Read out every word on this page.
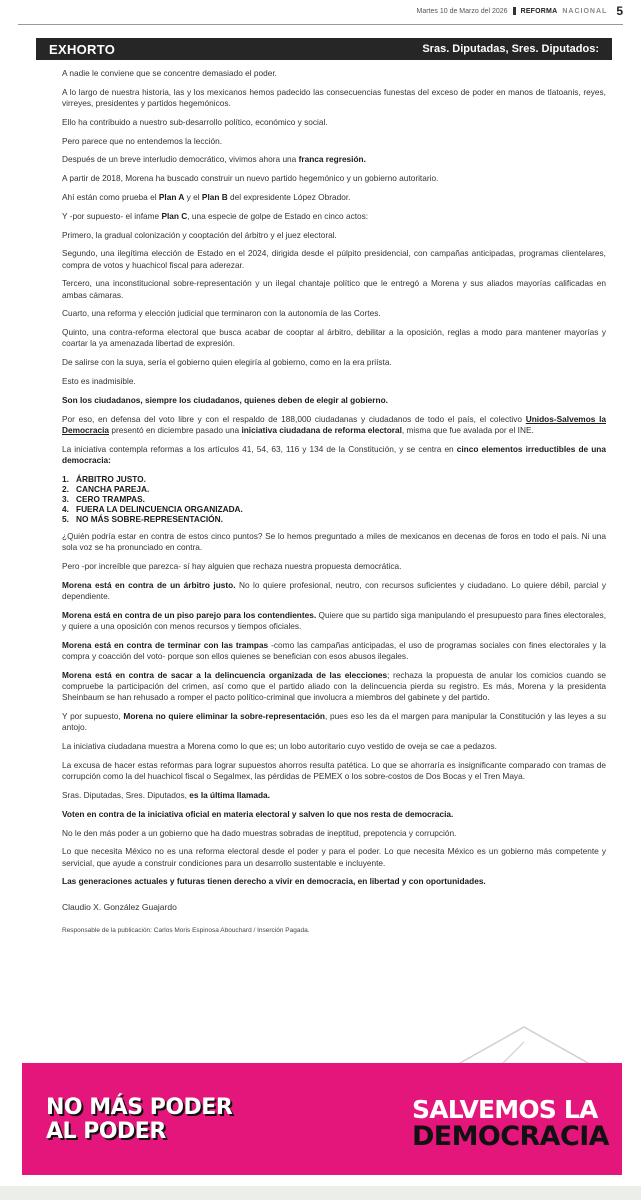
Martes 10 de Marzo del 2026 REFORMA NACIONAL 5
EXHORTO	Sras. Diputadas, Sres. Diputados:

A nadie le conviene que se concentre demasiado el poder.

A lo largo de nuestra historia, las y los mexicanos hemos padecido las consecuencias funestas del exceso de poder en manos de tlatoanis, reyes, virreyes, presidentes y partidos hegemónicos.

Ello ha contribuido a nuestro sub-desarrollo político, económico y social.

Pero parece que no entendemos la lección.

Después de un breve interludio democrático, vivimos ahora una franca regresión.

A partir de 2018, Morena ha buscado construir un nuevo partido hegemónico y un gobierno autoritario.

Ahí están como prueba el Plan A y el Plan B del expresidente López Obrador.

Y -por supuesto- el infame Plan C, una especie de golpe de Estado en cinco actos:

Primero, la gradual colonización y cooptación del árbitro y el juez electoral.

Segundo, una ilegítima elección de Estado en el 2024, dirigida desde el púlpito presidencial, con campañas anticipadas, programas clientelares, compra de votos y huachicol fiscal para aderezar.

Tercero, una inconstitucional sobre-representación y un ilegal chantaje político que le entregó a Morena y sus aliados mayorías calificadas en ambas cámaras.

Cuarto, una reforma y elección judicial que terminaron con la autonomía de las Cortes.

Quinto, una contra-reforma electoral que busca acabar de cooptar al árbitro, debilitar a la oposición, reglas a modo para mantener mayorías y coartar la ya amenazada libertad de expresión.

De salirse con la suya, sería el gobierno quien elegiría al gobierno, como en la era priísta.

Esto es inadmisible.

Son los ciudadanos, siempre los ciudadanos, quienes deben de elegir al gobierno.

Por eso, en defensa del voto libre y con el respaldo de 188,000 ciudadanas y ciudadanos de todo el país, el colectivo Unidos-Salvemos la Democracia presentó en diciembre pasado una iniciativa ciudadana de reforma electoral, misma que fue avalada por el INE.

La iniciativa contempla reformas a los artículos 41, 54, 63, 116 y 134 de la Constitución, y se centra en cinco elementos irreductibles de una democracia:

1. ÁRBITRO JUSTO.
2. CANCHA PAREJA.
3. CERO TRAMPAS.
4. FUERA LA DELINCUENCIA ORGANIZADA.
5. NO MÁS SOBRE-REPRESENTACIÓN.

¿Quién podría estar en contra de estos cinco puntos? Se lo hemos preguntado a miles de mexicanos en decenas de foros en todo el país. Ni una sola voz se ha pronunciado en contra.

Pero -por increíble que parezca- sí hay alguien que rechaza nuestra propuesta democrática.

Morena está en contra de un árbitro justo. No lo quiere profesional, neutro, con recursos suficientes y ciudadano. Lo quiere débil, parcial y dependiente.

Morena está en contra de un piso parejo para los contendientes. Quiere que su partido siga manipulando el presupuesto para fines electorales, y quiere a una oposición con menos recursos y tiempos oficiales.

Morena está en contra de terminar con las trampas -como las campañas anticipadas, el uso de programas sociales con fines electorales y la compra y coacción del voto- porque son ellos quienes se benefician con esos abusos ilegales.

Morena está en contra de sacar a la delincuencia organizada de las elecciones; rechaza la propuesta de anular los comicios cuando se compruebe la participación del crimen, así como que el partido aliado con la delincuencia pierda su registro. Es más, Morena y la presidenta Sheinbaum se han rehusado a romper el pacto político-criminal que involucra a miembros del gabinete y del partido.

Y por supuesto, Morena no quiere eliminar la sobre-representación, pues eso les da el margen para manipular la Constitución y las leyes a su antojo.

La iniciativa ciudadana muestra a Morena como lo que es; un lobo autoritario cuyo vestido de oveja se cae a pedazos.

La excusa de hacer estas reformas para lograr supuestos ahorros resulta patética. Lo que se ahorraría es insignificante comparado con tramas de corrupción como la del huachicol fiscal o Segalmex, las pérdidas de PEMEX o los sobre-costos de Dos Bocas y el Tren Maya.

Sras. Diputadas, Sres. Diputados, es la última llamada.

Voten en contra de la iniciativa oficial en materia electoral y salven lo que nos resta de democracia.

No le den más poder a un gobierno que ha dado muestras sobradas de ineptitud, prepotencia y corrupción.

Lo que necesita México no es una reforma electoral desde el poder y para el poder. Lo que necesita México es un gobierno más competente y servicial, que ayude a construir condiciones para un desarrollo sustentable e incluyente.

Las generaciones actuales y futuras tienen derecho a vivir en democracia, en libertad y con oportunidades.

Claudio X. González Guajardo

Responsable de la publicación: Carlos Moris Espinosa Abouchard / Inserción Pagada.

NO MÁS PODER
AL PODER
SALVEMOS LA
DEMOCRACIA
